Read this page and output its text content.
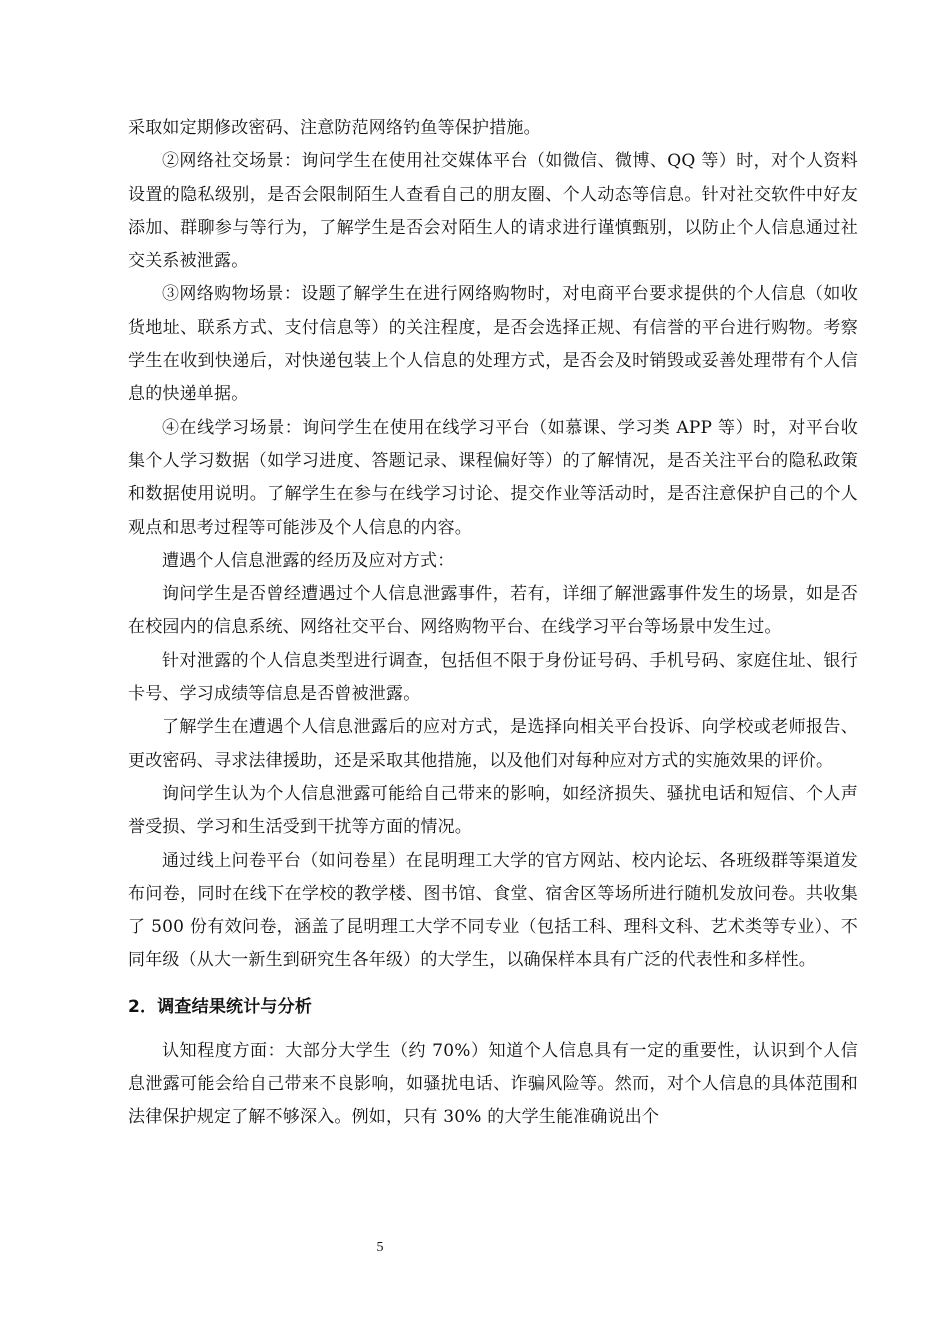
采取如定期修改密码、注意防范网络钓鱼等保护措施。

②网络社交场景：询问学生在使用社交媒体平台（如微信、微博、QQ 等）时，对个人资料设置的隐私级别，是否会限制陌生人查看自己的朋友圈、个人动态等信息。针对社交软件中好友添加、群聊参与等行为，了解学生是否会对陌生人的请求进行谨慎甄别，以防止个人信息通过社交关系被泄露。

③网络购物场景：设题了解学生在进行网络购物时，对电商平台要求提供的个人信息（如收货地址、联系方式、支付信息等）的关注程度，是否会选择正规、有信誉的平台进行购物。考察学生在收到快递后，对快递包装上个人信息的处理方式，是否会及时销毁或妥善处理带有个人信息的快递单据。

④在线学习场景：询问学生在使用在线学习平台（如慕课、学习类 APP 等）时，对平台收集个人学习数据（如学习进度、答题记录、课程偏好等）的了解情况，是否关注平台的隐私政策和数据使用说明。了解学生在参与在线学习讨论、提交作业等活动时，是否注意保护自己的个人观点和思考过程等可能涉及个人信息的内容。

遭遇个人信息泄露的经历及应对方式：

询问学生是否曾经遭遇过个人信息泄露事件，若有，详细了解泄露事件发生的场景，如是否在校园内的信息系统、网络社交平台、网络购物平台、在线学习平台等场景中发生过。

针对泄露的个人信息类型进行调查，包括但不限于身份证号码、手机号码、家庭住址、银行卡号、学习成绩等信息是否曾被泄露。

了解学生在遭遇个人信息泄露后的应对方式，是选择向相关平台投诉、向学校或老师报告、更改密码、寻求法律援助，还是采取其他措施，以及他们对每种应对方式的实施效果的评价。

询问学生认为个人信息泄露可能给自己带来的影响，如经济损失、骚扰电话和短信、个人声誉受损、学习和生活受到干扰等方面的情况。

通过线上问卷平台（如问卷星）在昆明理工大学的官方网站、校内论坛、各班级群等渠道发布问卷，同时在线下在学校的教学楼、图书馆、食堂、宿舍区等场所进行随机发放问卷。共收集了 500 份有效问卷，涵盖了昆明理工大学不同专业（包括工科、理科文科、艺术类等专业）、不同年级（从大一新生到研究生各年级）的大学生，以确保样本具有广泛的代表性和多样性。

2．调查结果统计与分析

认知程度方面：大部分大学生（约 70%）知道个人信息具有一定的重要性，认识到个人信息泄露可能会给自己带来不良影响，如骚扰电话、诈骗风险等。然而，对个人信息的具体范围和法律保护规定了解不够深入。例如，只有 30% 的大学生能准确说出个

5
